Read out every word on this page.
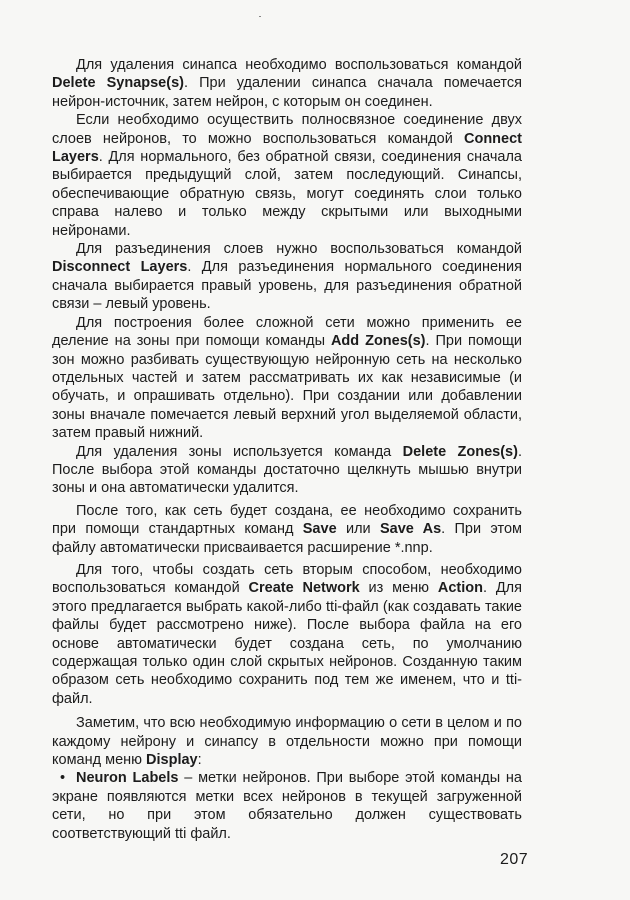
Для удаления синапса необходимо воспользоваться командой Delete Synapse(s). При удалении синапса сначала помечается нейрон-источник, затем нейрон, с которым он соединен.

Если необходимо осуществить полносвязное соединение двух слоев нейронов, то можно воспользоваться командой Connect Layers. Для нормального, без обратной связи, соединения сначала выбирается предыдущий слой, затем последующий. Синапсы, обеспечивающие обратную связь, могут соединять слои только справа налево и только между скрытыми или выходными нейронами.

Для разъединения слоев нужно воспользоваться командой Disconnect Layers. Для разъединения нормального соединения сначала выбирается правый уровень, для разъединения обратной связи – левый уровень.

Для построения более сложной сети можно применить ее деление на зоны при помощи команды Add Zones(s). При помощи зон можно разбивать существующую нейронную сеть на несколько отдельных частей и затем рассматривать их как независимые (и обучать, и опрашивать отдельно). При создании или добавлении зоны вначале помечается левый верхний угол выделяемой области, затем правый нижний.

Для удаления зоны используется команда Delete Zones(s). После выбора этой команды достаточно щелкнуть мышью внутри зоны и она автоматически удалится.

После того, как сеть будет создана, ее необходимо сохранить при помощи стандартных команд Save или Save As. При этом файлу автоматически присваивается расширение *.nnp.

Для того, чтобы создать сеть вторым способом, необходимо воспользоваться командой Create Network из меню Action. Для этого предлагается выбрать какой-либо tti-файл (как создавать такие файлы будет рассмотрено ниже). После выбора файла на его основе автоматически будет создана сеть, по умолчанию содержащая только один слой скрытых нейронов. Созданную таким образом сеть необходимо сохранить под тем же именем, что и tti-файл.

Заметим, что всю необходимую информацию о сети в целом и по каждому нейрону и синапсу в отдельности можно при помощи команд меню Display:

• Neuron Labels – метки нейронов. При выборе этой команды на экране появляются метки всех нейронов в текущей загруженной сети, но при этом обязательно должен существовать соответствующий tti файл.

207
